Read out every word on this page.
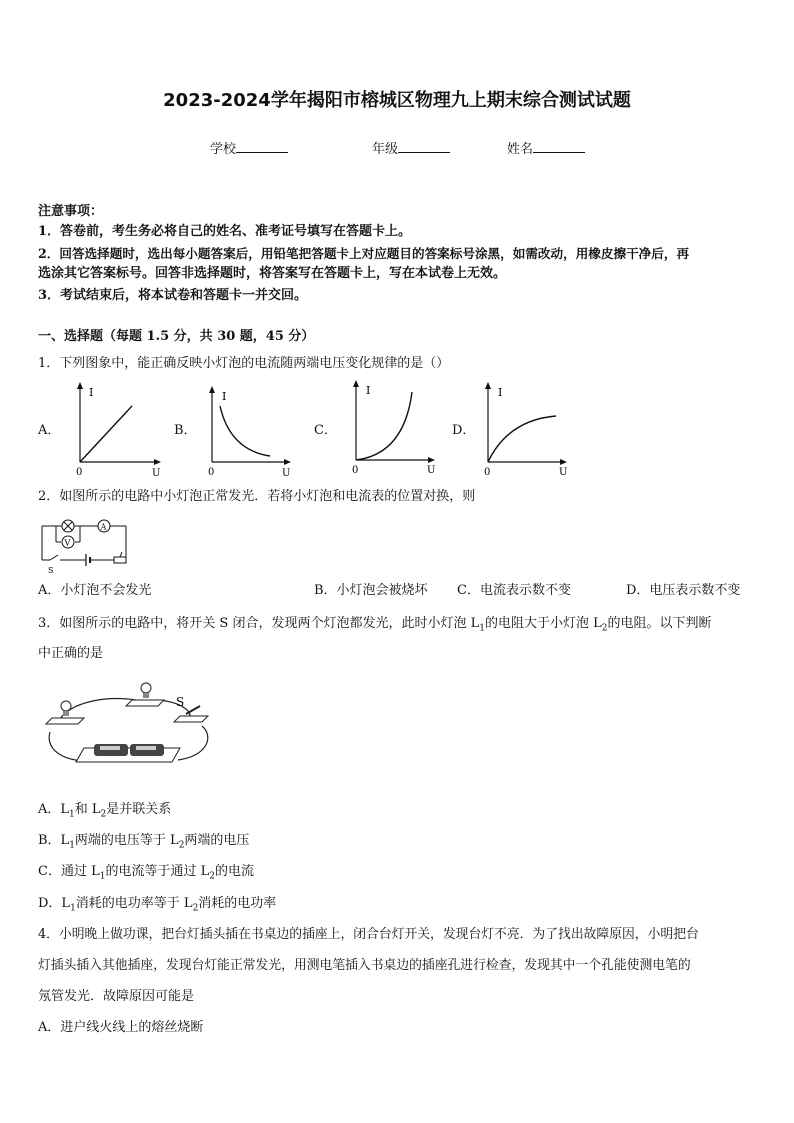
2023-2024学年揭阳市榕城区物理九上期末综合测试试题
学校	年级	姓名
注意事项：
1．答卷前，考生务必将自己的姓名、准考证号填写在答题卡上。
2．回答选择题时，选出每小题答案后，用铅笔把答题卡上对应题目的答案标号涂黑，如需改动，用橡皮擦干净后，再
选涂其它答案标号。回答非选择题时，将答案写在答题卡上，写在本试卷上无效。
3．考试结束后，将本试卷和答题卡一并交回。
一、选择题（每题 1.5 分，共 30 题，45 分）
1．下列图象中，能正确反映小灯泡的电流随两端电压变化规律的是（）
A．	B．	C．	D．
I
U
0
I
U
0
I
U
0
I
U
0
2．如图所示的电路中小灯泡正常发光．若将小灯泡和电流表的位置对换，则
A
V
S
A．小灯泡不会发光	B．小灯泡会被烧坏 C．电流表示数不变	D．电压表示数不变
3．如图所示的电路中，将开关 S 闭合，发现两个灯泡都发光，此时小灯泡 $L_1$的电阻大于小灯泡 $L_2$的电阻。以下判断
中正确的是
S
A．$L_1$和 $L_2$是并联关系
B．$L_1$两端的电压等于 $L_2$两端的电压
C．通过 $L_1$的电流等于通过 $L_2$的电流
D．$L_1$消耗的电功率等于 $L_2$消耗的电功率
4．小明晚上做功课，把台灯插头插在书桌边的插座上，闭合台灯开关，发现台灯不亮．为了找出故障原因，小明把台
灯插头插入其他插座，发现台灯能正常发光，用测电笔插入书桌边的插座孔进行检查，发现其中一个孔能使测电笔的
氖管发光．故障原因可能是
A．进户线火线上的熔丝烧断
